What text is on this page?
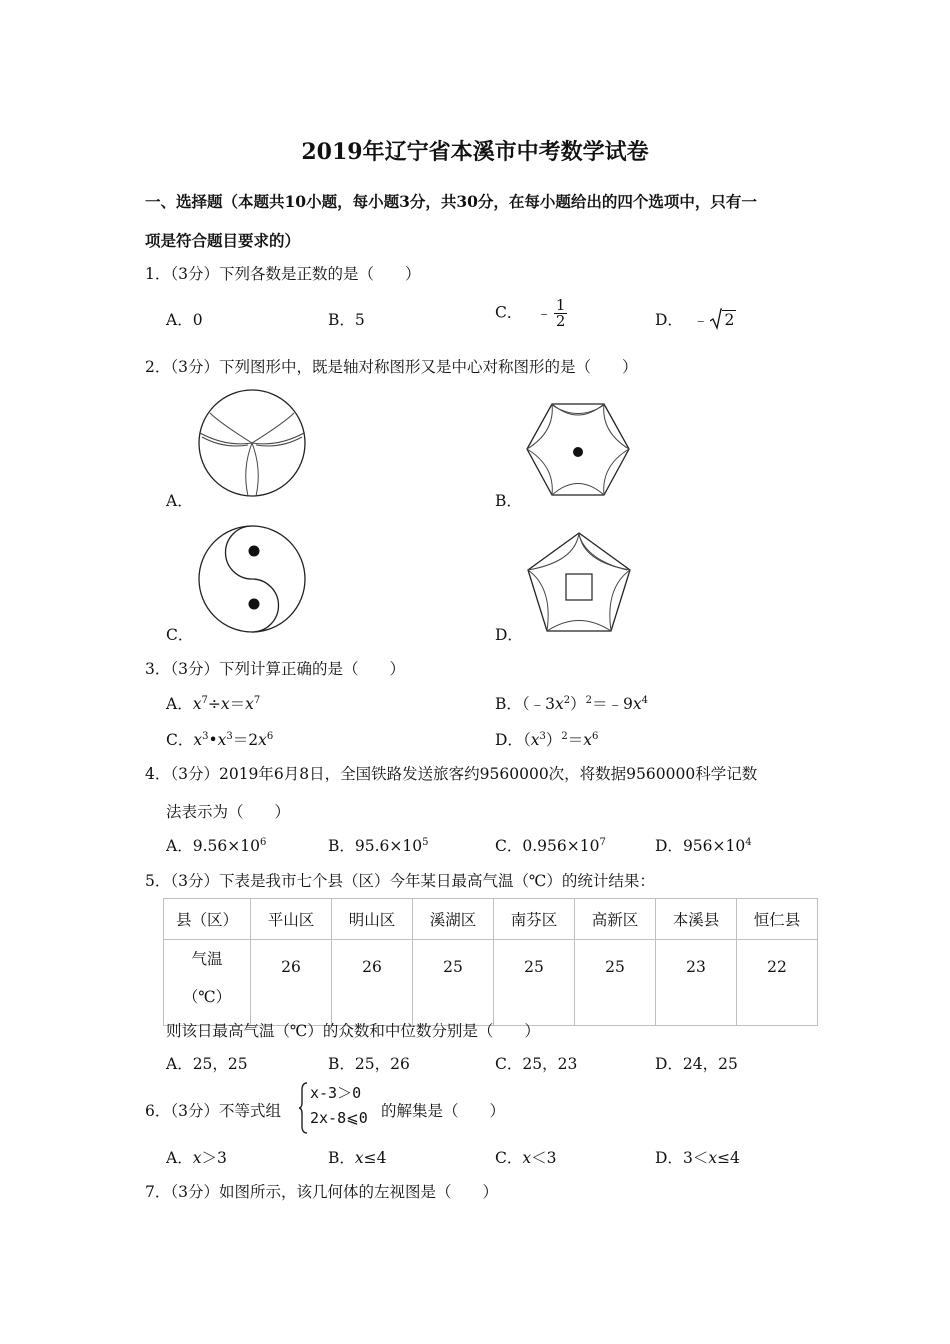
2019年辽宁省本溪市中考数学试卷
一、选择题（本题共10小题，每小题3分，共30分，在每小题给出的四个选项中，只有一
项是符合题目要求的）
1．（3分）下列各数是正数的是（　　）
A．0	B．5	C． ﹣ $\frac{1}{2}$	D． ﹣ 2
2．（3分）下列图形中，既是轴对称图形又是中心对称图形的是（　　）
A．	B．
C．	D．
3．（3分）下列计算正确的是（　　）
A．$x^7\div x=x^7$	B．$(﹣3x^2)^2=﹣9x^4$
C．$x^3•x^3=2x^6$	D．$(x^3)^2=x^6$
4．（3分）2019年6月8日，全国铁路发送旅客约9560000次，将数据9560000科学记数
法表示为（　　）
A．$9.56\times 10^6$	B．$95.6\times 10^5$	C．$0.956\times 10^7$	D．$956\times 10^4$
5．（3分）下表是我市七个县（区）今年某日最高气温（℃）的统计结果：
县（区）	平山区	明山区	溪湖区	南芬区	高新区	本溪县	恒仁县
气温
（℃）	26	26	25	25	25	23	22
则该日最高气温（℃）的众数和中位数分别是（　　）
A．25，25	B．25，26	C．25，23	D．24，25
6．（3分）不等式组
x-3＞0
2x-8⩽0 的解集是（　　）
A．x＞3	B．x≤4	C．x＜3	D．3＜x≤4
7．（3分）如图所示，该几何体的左视图是（　　）
